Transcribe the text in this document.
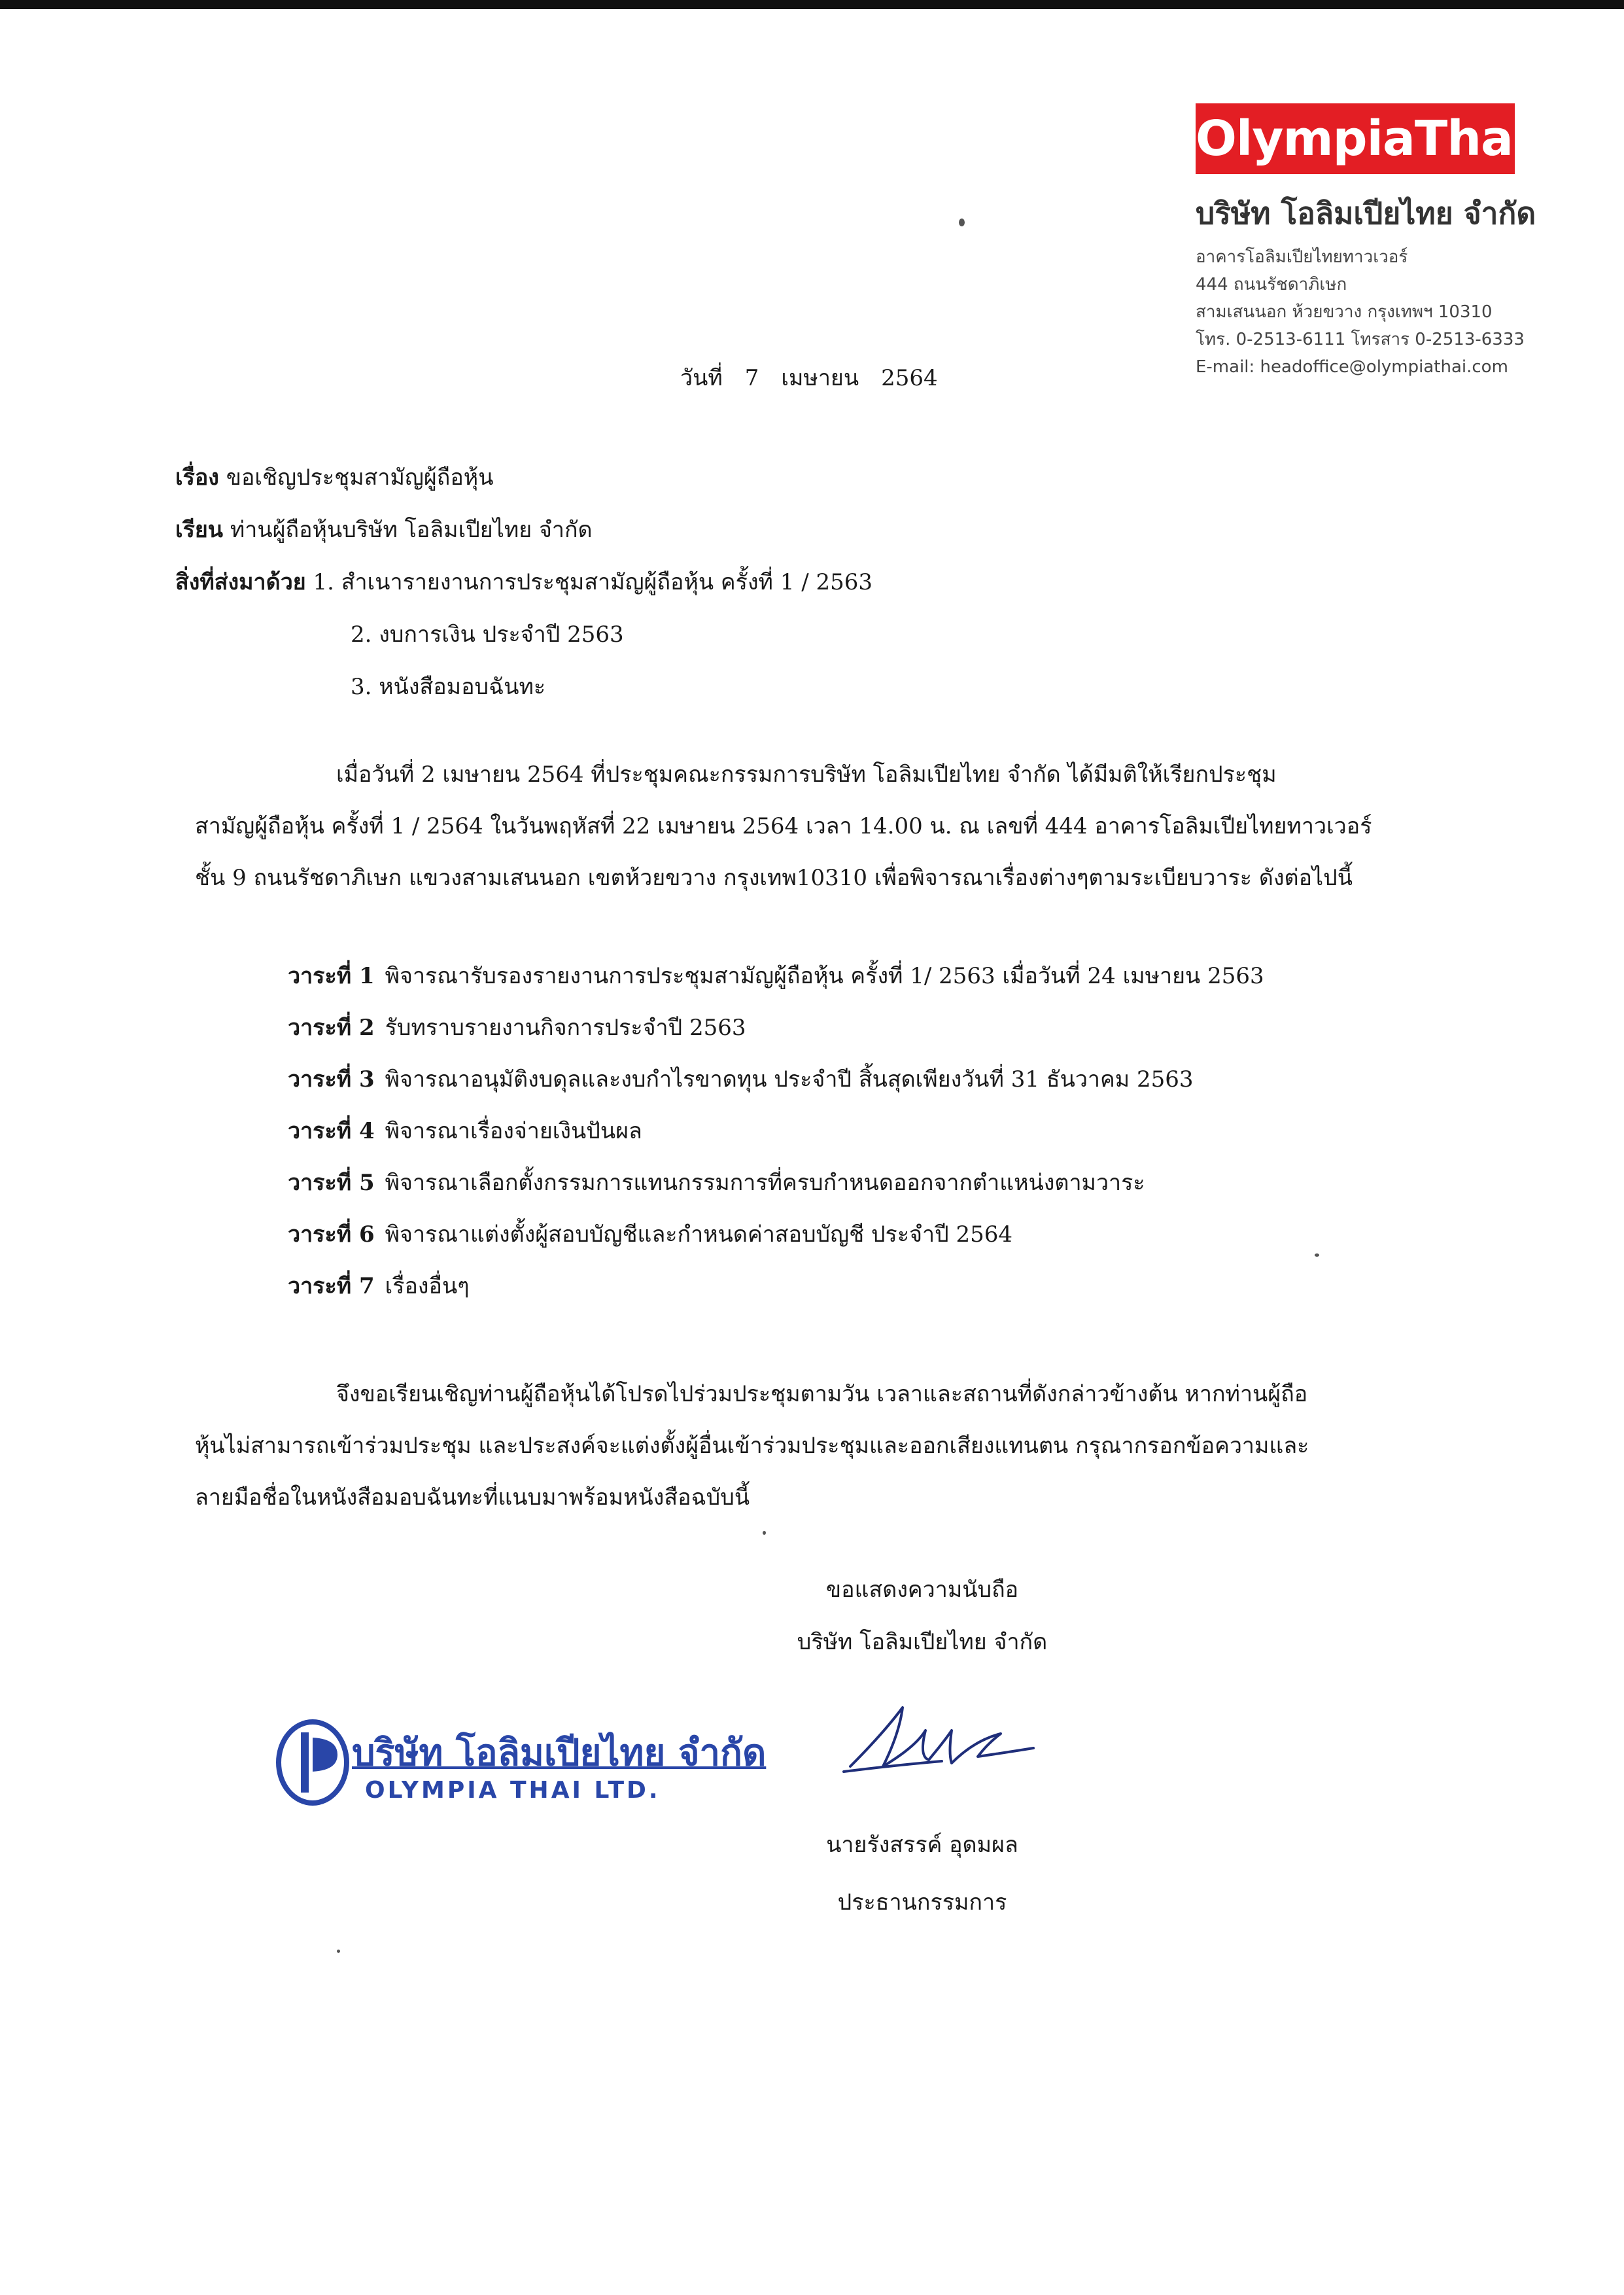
OlympiaThai
บริษัท โอลิมเปียไทย จำกัด
อาคารโอลิมเปียไทยทาวเวอร์
444 ถนนรัชดาภิเษก
สามเสนนอก ห้วยขวาง กรุงเทพฯ 10310
โทร. 0-2513-6111 โทรสาร 0-2513-6333
E-mail: headoffice@olympiathai.com
วันที่ 7 เมษายน 2564
เรื่อง ขอเชิญประชุมสามัญผู้ถือหุ้น
เรียน ท่านผู้ถือหุ้นบริษัท โอลิมเปียไทย จำกัด
สิ่งที่ส่งมาด้วย 1. สำเนารายงานการประชุมสามัญผู้ถือหุ้น ครั้งที่ 1 / 2563
2. งบการเงิน ประจำปี 2563
3. หนังสือมอบฉันทะ
เมื่อวันที่ 2 เมษายน 2564 ที่ประชุมคณะกรรมการบริษัท โอลิมเปียไทย จำกัด ได้มีมติให้เรียกประชุม
สามัญผู้ถือหุ้น ครั้งที่ 1 / 2564 ในวันพฤหัสที่ 22 เมษายน 2564 เวลา 14.00 น. ณ เลขที่ 444 อาคารโอลิมเปียไทยทาวเวอร์
ชั้น 9 ถนนรัชดาภิเษก แขวงสามเสนนอก เขตห้วยขวาง กรุงเทพ10310 เพื่อพิจารณาเรื่องต่างๆตามระเบียบวาระ ดังต่อไปนี้
วาระที่ 1 พิจารณารับรองรายงานการประชุมสามัญผู้ถือหุ้น ครั้งที่ 1/ 2563 เมื่อวันที่ 24 เมษายน 2563
วาระที่ 2 รับทราบรายงานกิจการประจำปี 2563
วาระที่ 3 พิจารณาอนุมัติงบดุลและงบกำไรขาดทุน ประจำปี สิ้นสุดเพียงวันที่ 31 ธันวาคม 2563
วาระที่ 4 พิจารณาเรื่องจ่ายเงินปันผล
วาระที่ 5 พิจารณาเลือกตั้งกรรมการแทนกรรมการที่ครบกำหนดออกจากตำแหน่งตามวาระ
วาระที่ 6 พิจารณาแต่งตั้งผู้สอบบัญชีและกำหนดค่าสอบบัญชี ประจำปี 2564
วาระที่ 7 เรื่องอื่นๆ
จึงขอเรียนเชิญท่านผู้ถือหุ้นได้โปรดไปร่วมประชุมตามวัน เวลาและสถานที่ดังกล่าวข้างต้น หากท่านผู้ถือ
หุ้นไม่สามารถเข้าร่วมประชุม และประสงค์จะแต่งตั้งผู้อื่นเข้าร่วมประชุมและออกเสียงแทนตน กรุณากรอกข้อความและ
ลายมือชื่อในหนังสือมอบฉันทะที่แนบมาพร้อมหนังสือฉบับนี้
ขอแสดงความนับถือ
บริษัท โอลิมเปียไทย จำกัด
บริษัท โอลิมเปียไทย จำกัด
OLYMPIA THAI LTD.
นายรังสรรค์ อุดมผล
ประธานกรรมการ
